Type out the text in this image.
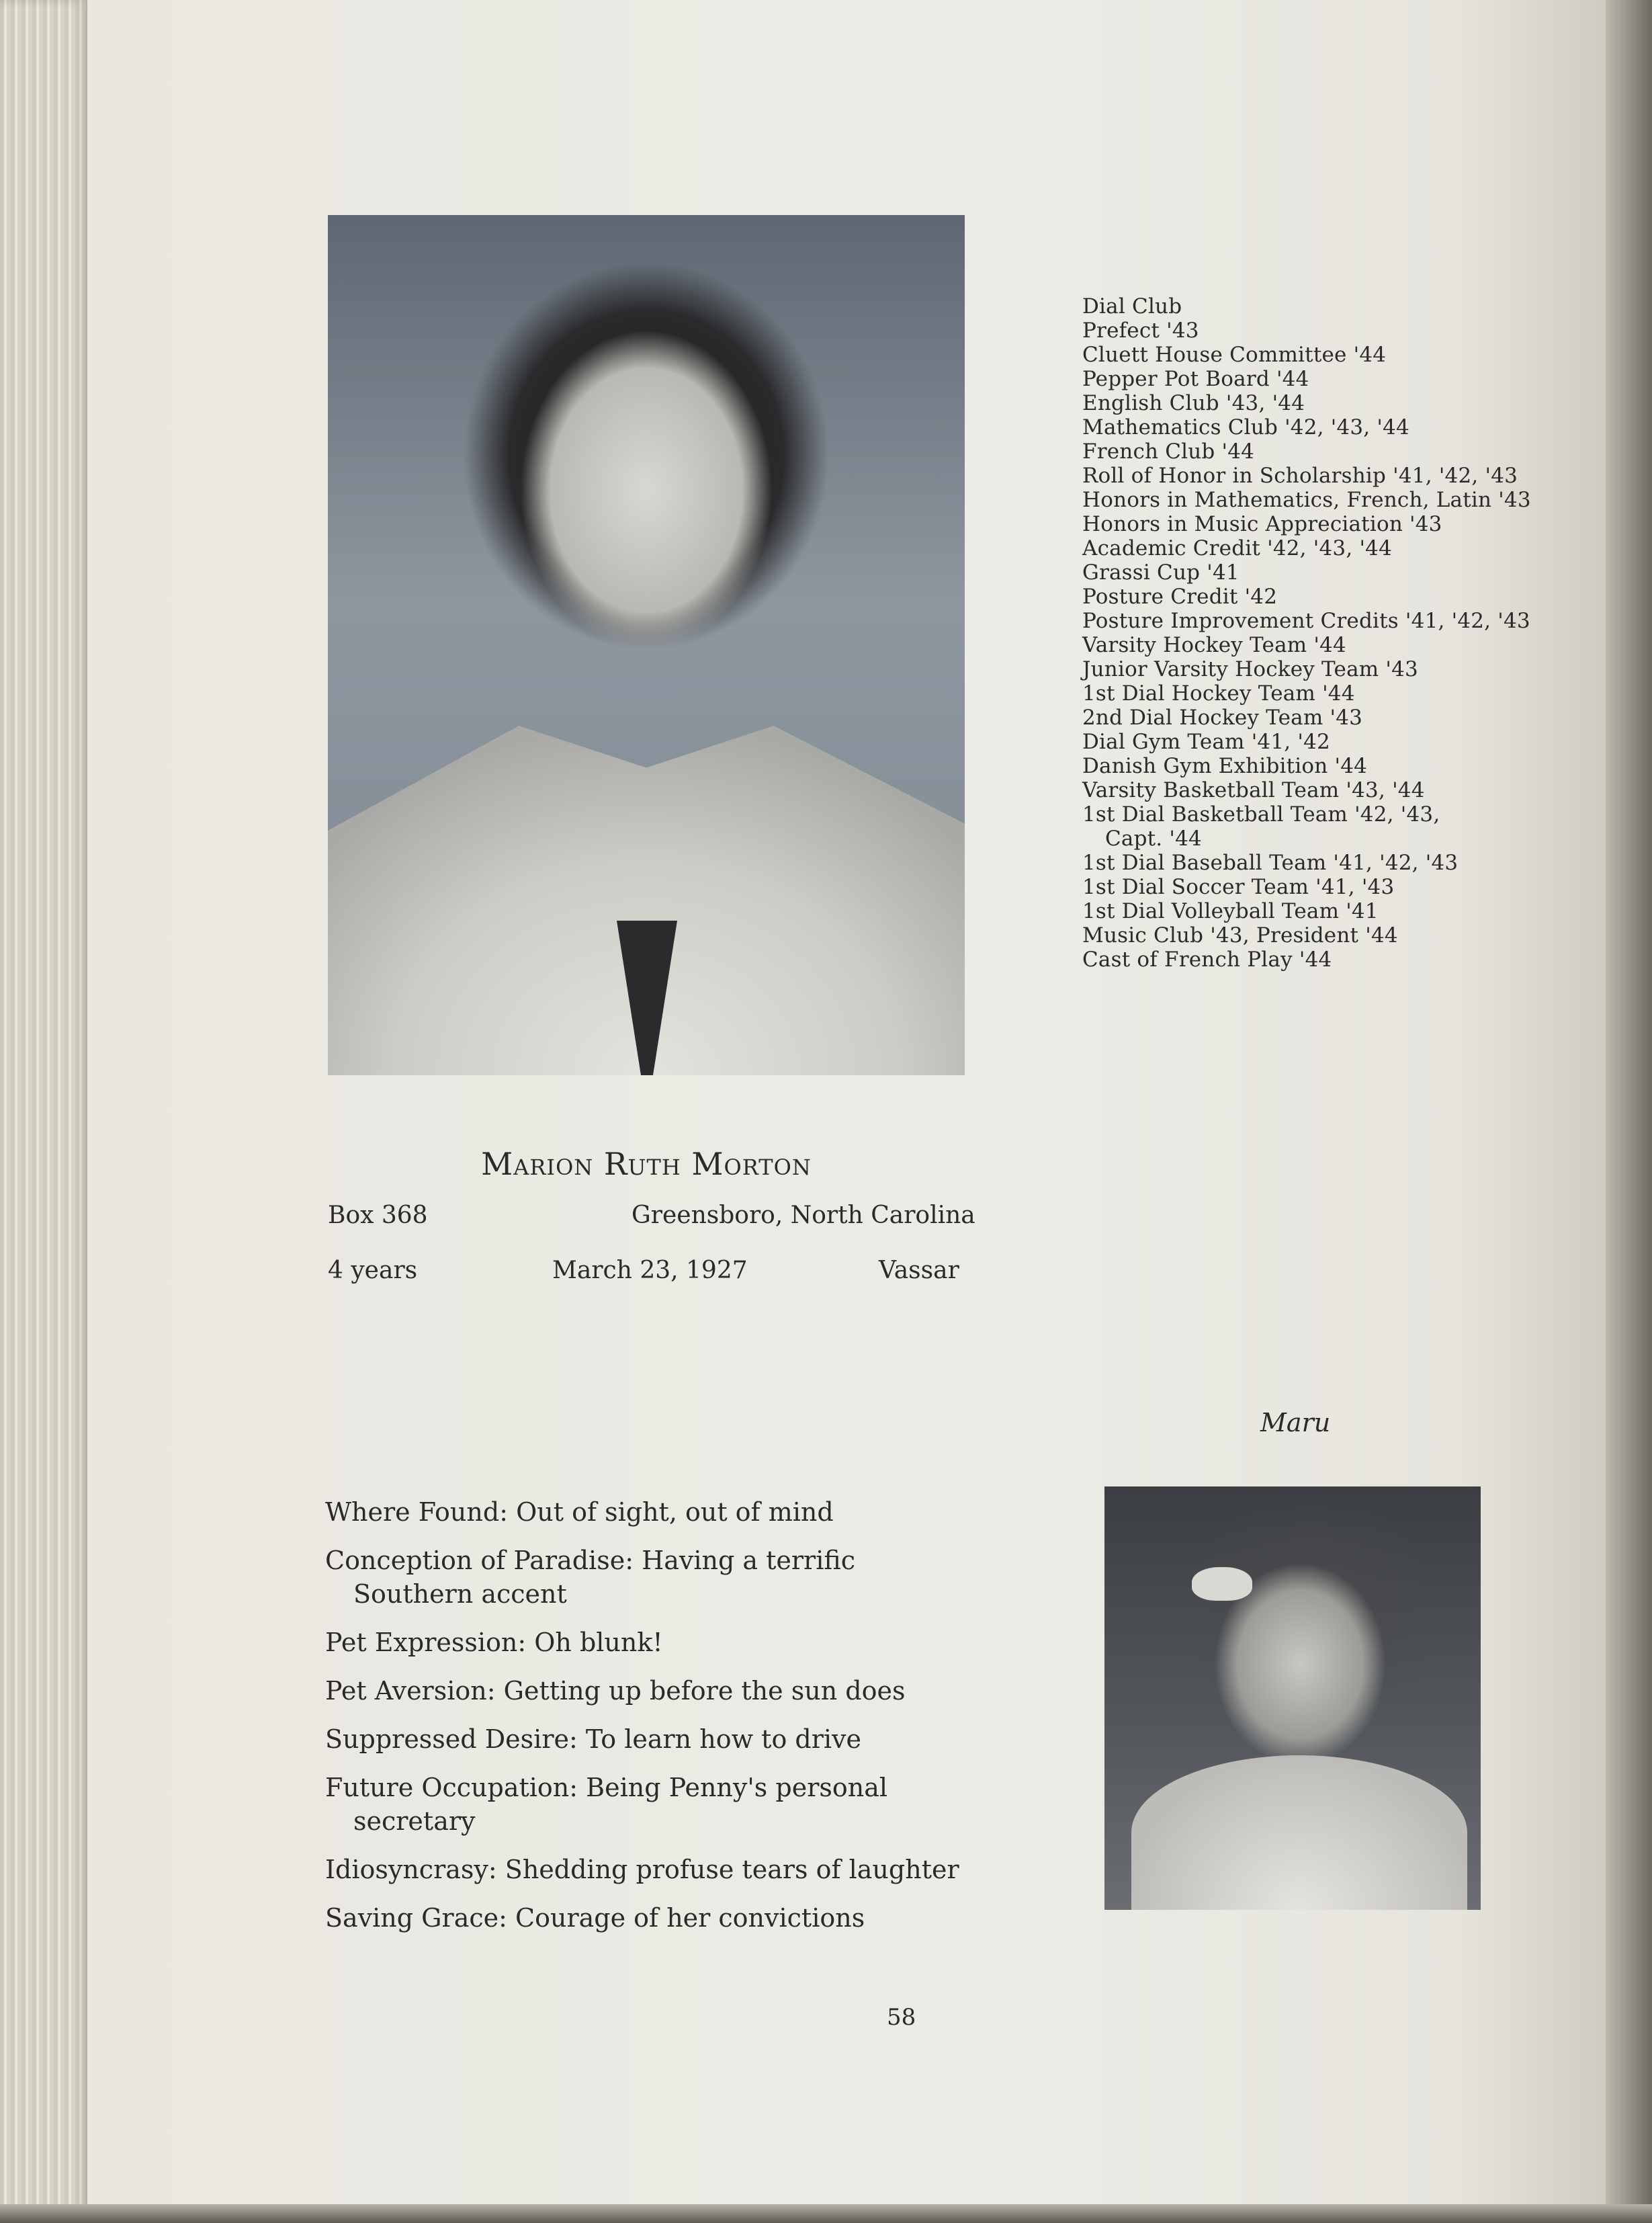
Dial Club
Prefect '43
Cluett House Committee '44
Pepper Pot Board '44
English Club '43, '44
Mathematics Club '42, '43, '44
French Club '44
Roll of Honor in Scholarship '41, '42, '43
Honors in Mathematics, French, Latin '43
Honors in Music Appreciation '43
Academic Credit '42, '43, '44
Grassi Cup '41
Posture Credit '42
Posture Improvement Credits '41, '42, '43
Varsity Hockey Team '44
Junior Varsity Hockey Team '43
1st Dial Hockey Team '44
2nd Dial Hockey Team '43
Dial Gym Team '41, '42
Danish Gym Exhibition '44
Varsity Basketball Team '43, '44
1st Dial Basketball Team '42, '43,
Capt. '44
1st Dial Baseball Team '41, '42, '43
1st Dial Soccer Team '41, '43
1st Dial Volleyball Team '41
Music Club '43, President '44
Cast of French Play '44
Marion Ruth Morton
Box 368	Greensboro, North Carolina
4 years	March 23, 1927	Vassar
Maru
Where Found : Out of sight, out of mind
Conception of Paradise : Having a terrific Southern accent
Pet Expression : Oh blunk!
Pet Aversion : Getting up before the sun does
Suppressed Desire : To learn how to drive
Future Occupation : Being Penny's personal secretary
Idiosyncrasy : Shedding profuse tears of laughter
Saving Grace : Courage of her convictions
58
